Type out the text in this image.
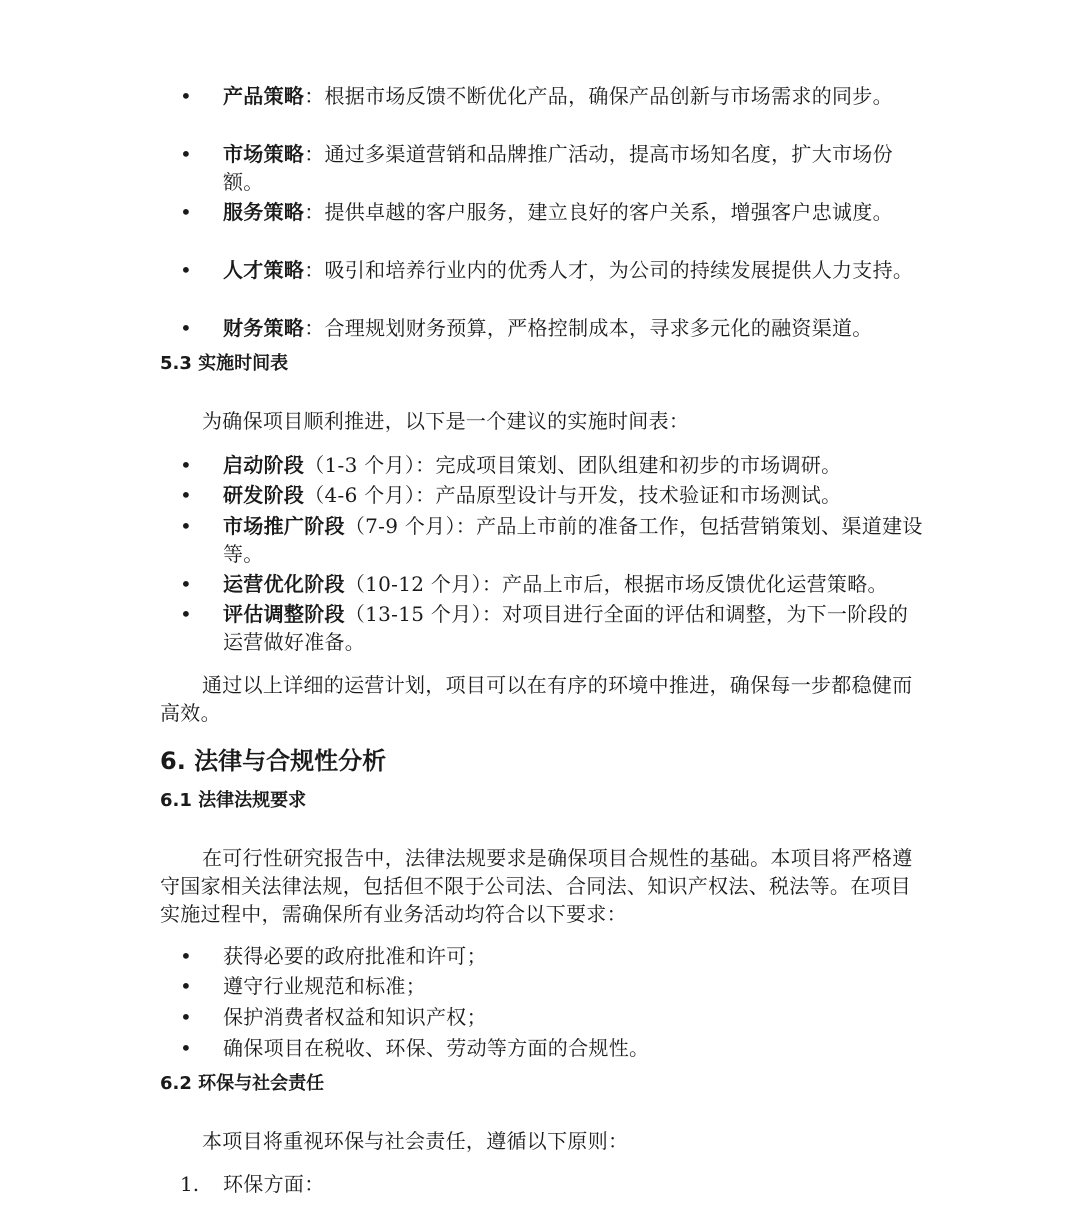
• 产品策略：根据市场反馈不断优化产品，确保产品创新与市场需求的同步。
• 市场策略：通过多渠道营销和品牌推广活动，提高市场知名度，扩大市场份额。
• 服务策略：提供卓越的客户服务，建立良好的客户关系，增强客户忠诚度。
• 人才策略：吸引和培养行业内的优秀人才，为公司的持续发展提供人力支持。
• 财务策略：合理规划财务预算，严格控制成本，寻求多元化的融资渠道。
5.3 实施时间表
为确保项目顺利推进，以下是一个建议的实施时间表：
• 启动阶段（1-3 个月）：完成项目策划、团队组建和初步的市场调研。
• 研发阶段（4-6 个月）：产品原型设计与开发，技术验证和市场测试。
• 市场推广阶段（7-9 个月）：产品上市前的准备工作，包括营销策划、渠道建设等。
• 运营优化阶段（10-12 个月）：产品上市后，根据市场反馈优化运营策略。
• 评估调整阶段（13-15 个月）：对项目进行全面的评估和调整，为下一阶段的运营做好准备。
通过以上详细的运营计划，项目可以在有序的环境中推进，确保每一步都稳健而高效。
6. 法律与合规性分析
6.1 法律法规要求
在可行性研究报告中，法律法规要求是确保项目合规性的基础。本项目将严格遵守国家相关法律法规，包括但不限于公司法、合同法、知识产权法、税法等。在项目实施过程中，需确保所有业务活动均符合以下要求：
• 获得必要的政府批准和许可；
• 遵守行业规范和标准；
• 保护消费者权益和知识产权；
• 确保项目在税收、环保、劳动等方面的合规性。
6.2 环保与社会责任
本项目将重视环保与社会责任，遵循以下原则：
1. 环保方面：
